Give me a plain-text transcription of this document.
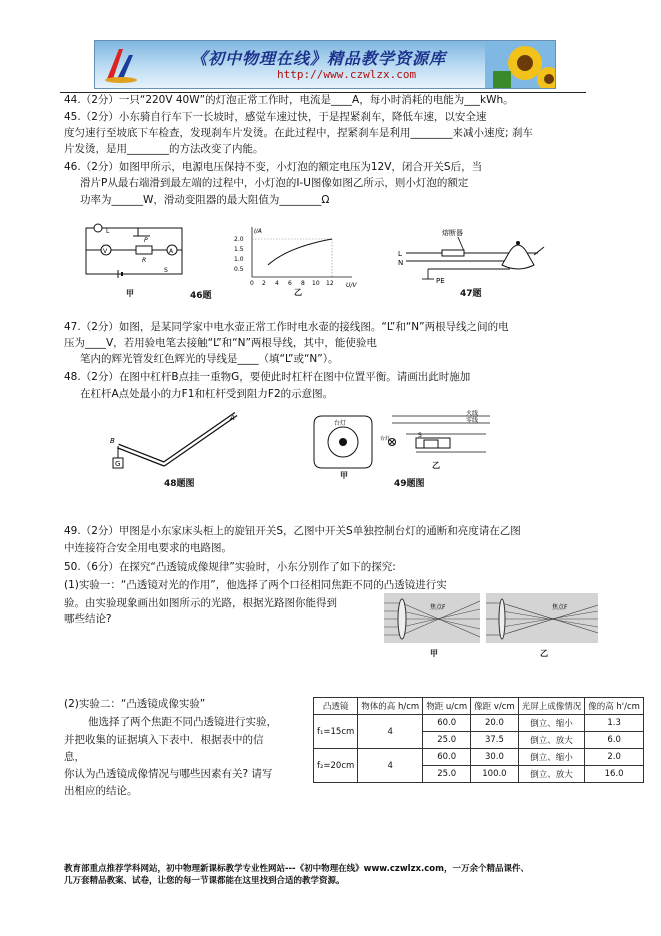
《初中物理在线》精品教学资源库
http://www.czwlzx.com
44.（2分）一只“220V 40W”的灯泡正常工作时，电流是____A，每小时消耗的电能为___kWh。
45.（2分）小东骑自行车下一长坡时，感觉车速过快，于是捏紧刹车，降低车速，以安全速
度匀速行至坡底下车检查，发现刹车片发烫。在此过程中，捏紧刹车是利用________来减小速度; 刹车
片发烫，是用________的方法改变了内能。
46.（2分）如图甲所示，电源电压保持不变，小灯泡的额定电压为12V，闭合开关S后，当
滑片P从最右端滑到最左端的过程中，小灯泡的I-U图像如图乙所示，则小灯泡的额定
功率为______W，滑动变阻器的最大阻值为________Ω
V	A
P
R
L
S
甲	46题
I/A
U/V
2.0
1.5
1.0
0.5
0 2 4 6 8 10 12
乙
熔断器
L
N
PE
47题
47.（2分）如图，是某同学家中电水壶正常工作时电水壶的接线图。“L”和“N”两根导线之间的电
压为____V，若用验电笔去接触“L”和“N”两根导线，其中，能使验电
笔内的辉光管发红色辉光的导线是____（填“L”或“N”）。
48.（2分）在图中杠杆B点挂一重物G，要使此时杠杆在图中位置平衡。请画出此时施加
在杠杆A点处最小的力F1和杠杆受到阻力F2的示意图。
G
B
A
48题图
台灯
火线
零线
台灯	S
甲
乙
49题图
49.（2分）甲图是小东家床头柜上的旋钮开关S，乙图中开关S单独控制台灯的通断和亮度请在乙图
中连接符合安全用电要求的电路图。
50.（6分）在探究“凸透镜成像规律”实验时，小东分别作了如下的探究:
(1)实验一：“凸透镜对光的作用”，他选择了两个口径相同焦距不同的凸透镜进行实
验。由实验现象画出如图所示的光路，根据光路图你能得到
哪些结论?
焦点F	焦点F
甲	乙
(2)实验二：“凸透镜成像实验”
他选择了两个焦距不同凸透镜进行实验，
并把收集的证据填入下表中．根据表中的信
息，
你认为凸透镜成像情况与哪些因素有关? 请写
出相应的结论。
凸透镜	物体的高 h/cm	物距 u/cm	像距 v/cm	光屏上成像情况	像的高 h'/cm
f₁=15cm	4	60.0	20.0	倒立、缩小	1.3
		25.0	37.5	倒立、放大	6.0
f₂=20cm	4	60.0	30.0	倒立、缩小	2.0
		25.0	100.0	倒立、放大	16.0
教育部重点推荐学科网站，初中物理新课标教学专业性网站---《初中物理在线》www.czwlzx.com，一万余个精品课件、
几万套精品教案、试卷，让您的每一节课都能在这里找到合适的教学资源。
